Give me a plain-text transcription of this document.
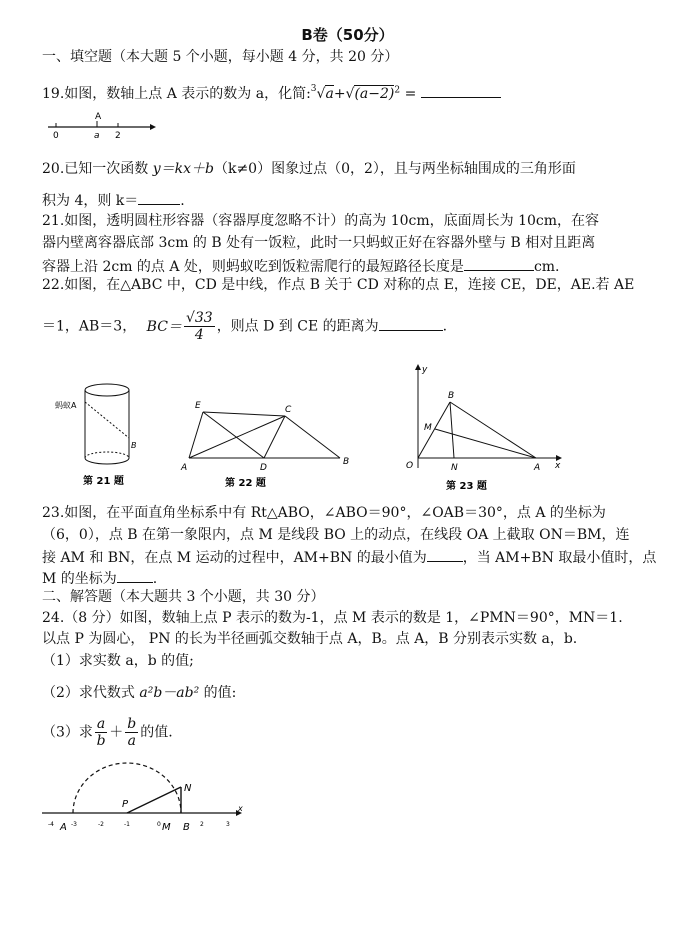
B卷（50分）
一、填空题（本大题 5 个小题，每小题 4 分，共 20 分）
19.如图，数轴上点 A 表示的数为 a，化简$:^3√a+√(a-2)^2$ =
A
0	a 2
20.已知一次函数 y＝kx＋b（k≠0）图象过点（0，2），且与两坐标轴围成的三角形面
积为 4，则 k＝	.
21.如图，透明圆柱形容器（容器厚度忽略不计）的高为 10cm，底面周长为 10cm，在容
器内壁离容器底部 3cm 的 B 处有一饭粒，此时一只蚂蚁正好在容器外壁与 B 相对且距离
容器上沿 2cm 的点 A 处，则蚂蚁吃到饭粒需爬行的最短路径长度是	cm.
22.如图，在△ABC 中，CD 是中线，作点 B 关于 CD 对称的点 E，连接 CE，DE，AE.若 AE
＝1，AB＝3， $BC= \frac{√33}{4}$ ，则点 D 到 CE 的距离为	.
蚂蚁A
B
第 21 题
E	C
A	D
B
第 22 题
y
B
M
O	N	A x
第 23 题
23.如图，在平面直角坐标系中有 Rt△ABO，∠ABO＝90°，∠OAB＝30°，点 A 的坐标为
（6，0），点 B 在第一象限内，点 M 是线段 BO 上的动点，在线段 OA 上截取 ON＝BM，连
接 AM 和 BN，在点 M 运动的过程中，AM+BN 的最小值为	，当 AM+BN 取最小值时，点
M 的坐标为	.
二、解答题（本大题共 3 个小题，共 30 分）
24.（8 分）如图，数轴上点 P 表示的数为-1，点 M 表示的数是 1，∠PMN＝90°，MN＝1.
以点 P 为圆心， PN 的长为半径画弧交数轴于点 A，B。点 A，B 分别表示实数 a，b.
（1）求实数 a，b 的值;
（2）求代数式 a²b－ab² 的值:
（3）求 $\frac{a}{b} + \frac{b}{a}$ 的值.
P
N
x
-4 A -3	-2	-1	0 M B 2	3
